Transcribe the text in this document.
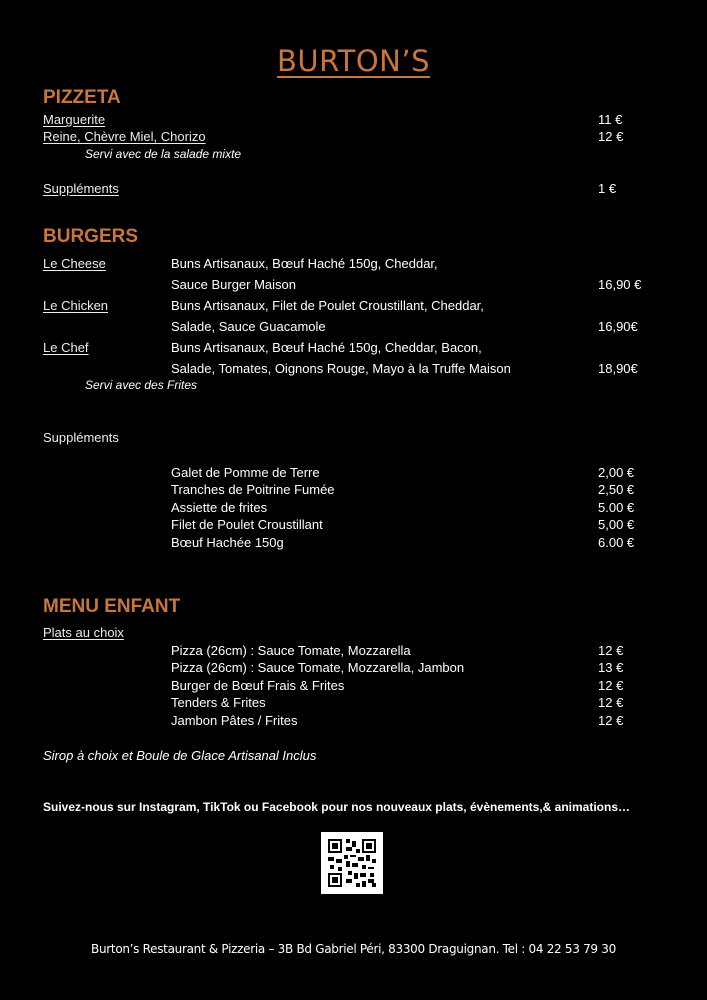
BURTON’S
PIZZETA
Marguerite	11 €
Reine, Chèvre Miel, Chorizo	12 €
Servi avec de la salade mixte
Suppléments	1 €
BURGERS
Le Cheese	Buns Artisanaux, Bœuf Haché 150g, Cheddar,
Sauce Burger Maison	16,90 €
Le Chicken	Buns Artisanaux, Filet de Poulet Croustillant, Cheddar,
Salade, Sauce Guacamole	16,90€
Le Chef	Buns Artisanaux, Bœuf Haché 150g, Cheddar, Bacon,
Salade, Tomates, Oignons Rouge, Mayo à la Truffe Maison	18,90€
Servi avec des Frites
Suppléments
Galet de Pomme de Terre	2,00 €
Tranches de Poitrine Fumée	2,50 €
Assiette de frites	5.00 €
Filet de Poulet Croustillant	5,00 €
Bœuf Hachée 150g	6.00 €
MENU ENFANT
Plats au choix
Pizza (26cm) : Sauce Tomate, Mozzarella	12 €
Pizza (26cm) : Sauce Tomate, Mozzarella, Jambon	13 €
Burger de Bœuf Frais & Frites	12 €
Tenders & Frites	12 €
Jambon Pâtes / Frites	12 €
Sirop à choix et Boule de Glace Artisanal Inclus
Suivez-nous sur Instagram, TikTok ou Facebook pour nos nouveaux plats, évènements,& animations…
Burton’s Restaurant & Pizzeria – 3B Bd Gabriel Péri, 83300 Draguignan. Tel : 04 22 53 79 30
